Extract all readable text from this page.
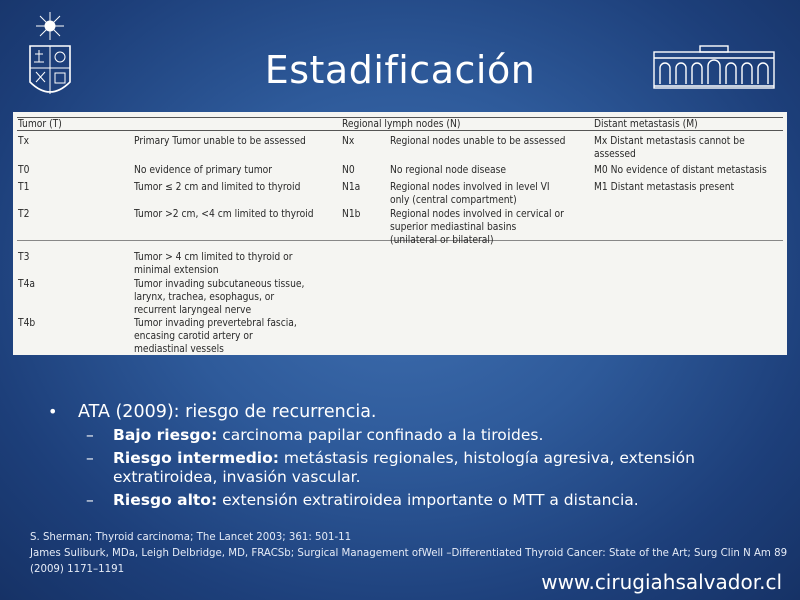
Estadificación
Tumor (T)	Regional lymph nodes (N)	Distant metastasis (M)
Tx	Primary Tumor unable to be assessed	Nx	Regional nodes unable to be assessed	Mx Distant metastasis cannot be
assessed
T0	No evidence of primary tumor	N0	No regional node disease	M0 No evidence of distant metastasis
T1	Tumor ≤ 2 cm and limited to thyroid	N1a	Regional nodes involved in level VI
only (central compartment)
M1 Distant metastasis present
T2	Tumor >2 cm, <4 cm limited to thyroid	N1b	Regional nodes involved in cervical or
superior mediastinal basins
(unilateral or bilateral)
T3	Tumor > 4 cm limited to thyroid or
minimal extension
T4a	Tumor invading subcutaneous tissue,
larynx, trachea, esophagus, or
recurrent laryngeal nerve
T4b	Tumor invading prevertebral fascia,
encasing carotid artery or
mediastinal vessels
•	ATA (2009): riesgo de recurrencia.
–	Bajo riesgo: carcinoma papilar confinado a la tiroides.
–	Riesgo intermedio: metástasis regionales, histología agresiva, extensión extratiroidea, invasión vascular.
–	Riesgo alto: extensión extratiroidea importante o MTT a distancia.
S. Sherman; Thyroid carcinoma; The Lancet 2003; 361: 501-11
James Suliburk, MDa, Leigh Delbridge, MD, FRACSb; Surgical Management ofWell –Differentiated Thyroid Cancer: State of the Art; Surg Clin N Am 89 (2009) 1171–1191
www.cirugiahsalvador.cl
